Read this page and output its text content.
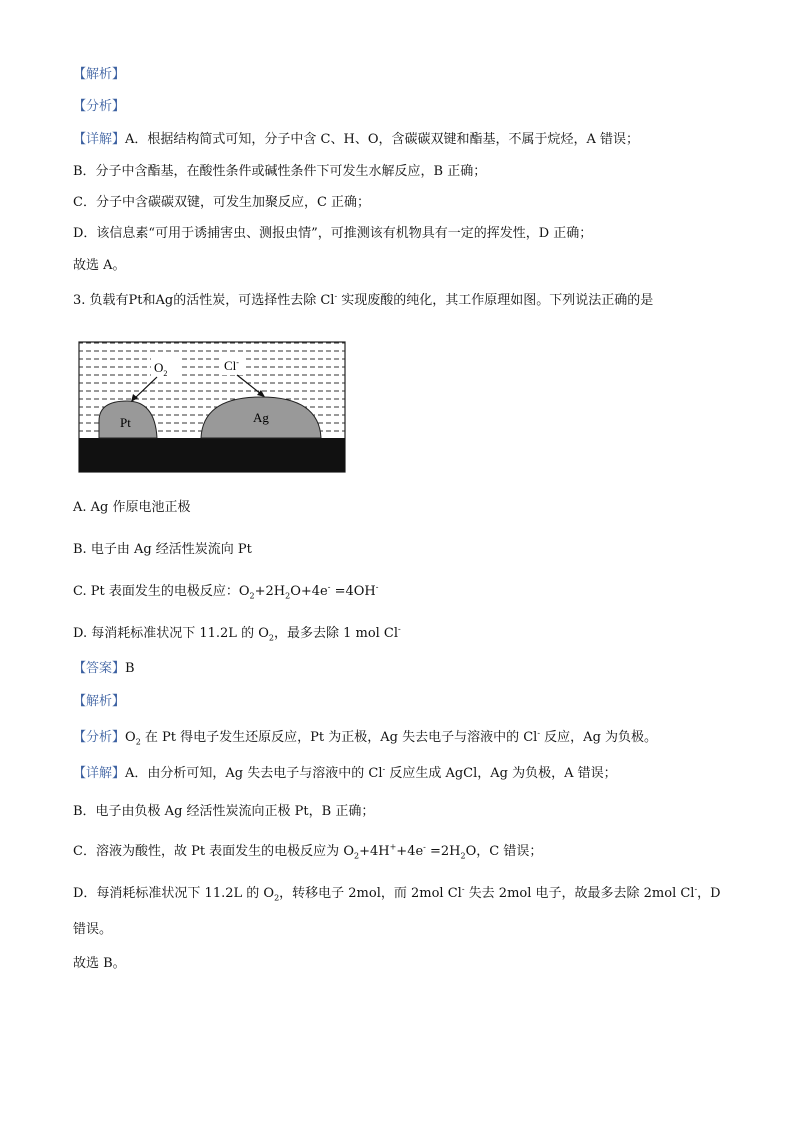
【解析】
【分析】
【详解】A．根据结构简式可知，分子中含 C、H、O，含碳碳双键和酯基，不属于烷烃，A 错误；
B．分子中含酯基，在酸性条件或碱性条件下可发生水解反应，B 正确；
C．分子中含碳碳双键，可发生加聚反应，C 正确；
D．该信息素“可用于诱捕害虫、测报虫情”，可推测该有机物具有一定的挥发性，D 正确；
故选 A。
3. 负载有Pt和Ag的活性炭，可选择性去除 Cl- 实现废酸的纯化，其工作原理如图。下列说法正确的是
$O_2$
Cl-
Pt	Ag
A. Ag 作原电池正极
B. 电子由 Ag 经活性炭流向 Pt
C. Pt 表面发生的电极反应：$O_2+2H_2O+4e^- =4OH^-$
D. 每消耗标准状况下 11.2L 的 $O_2$，最多去除 1 mol Cl-
【答案】B
【解析】
【分析】$O_2$ 在 Pt 得电子发生还原反应，Pt 为正极，Ag 失去电子与溶液中的 Cl- 反应，Ag 为负极。
【详解】A．由分析可知，Ag 失去电子与溶液中的 Cl- 反应生成 AgCl，Ag 为负极，A 错误；
B．电子由负极 Ag 经活性炭流向正极 Pt，B 正确；
C．溶液为酸性，故 Pt 表面发生的电极反应为 $O_2+4H^++4e^- =2H_2O$，C 错误；
D．每消耗标准状况下 11.2L 的 $O_2$，转移电子 2mol，而 2mol Cl- 失去 2mol 电子，故最多去除 2mol Cl-，D
错误。
故选 B。
